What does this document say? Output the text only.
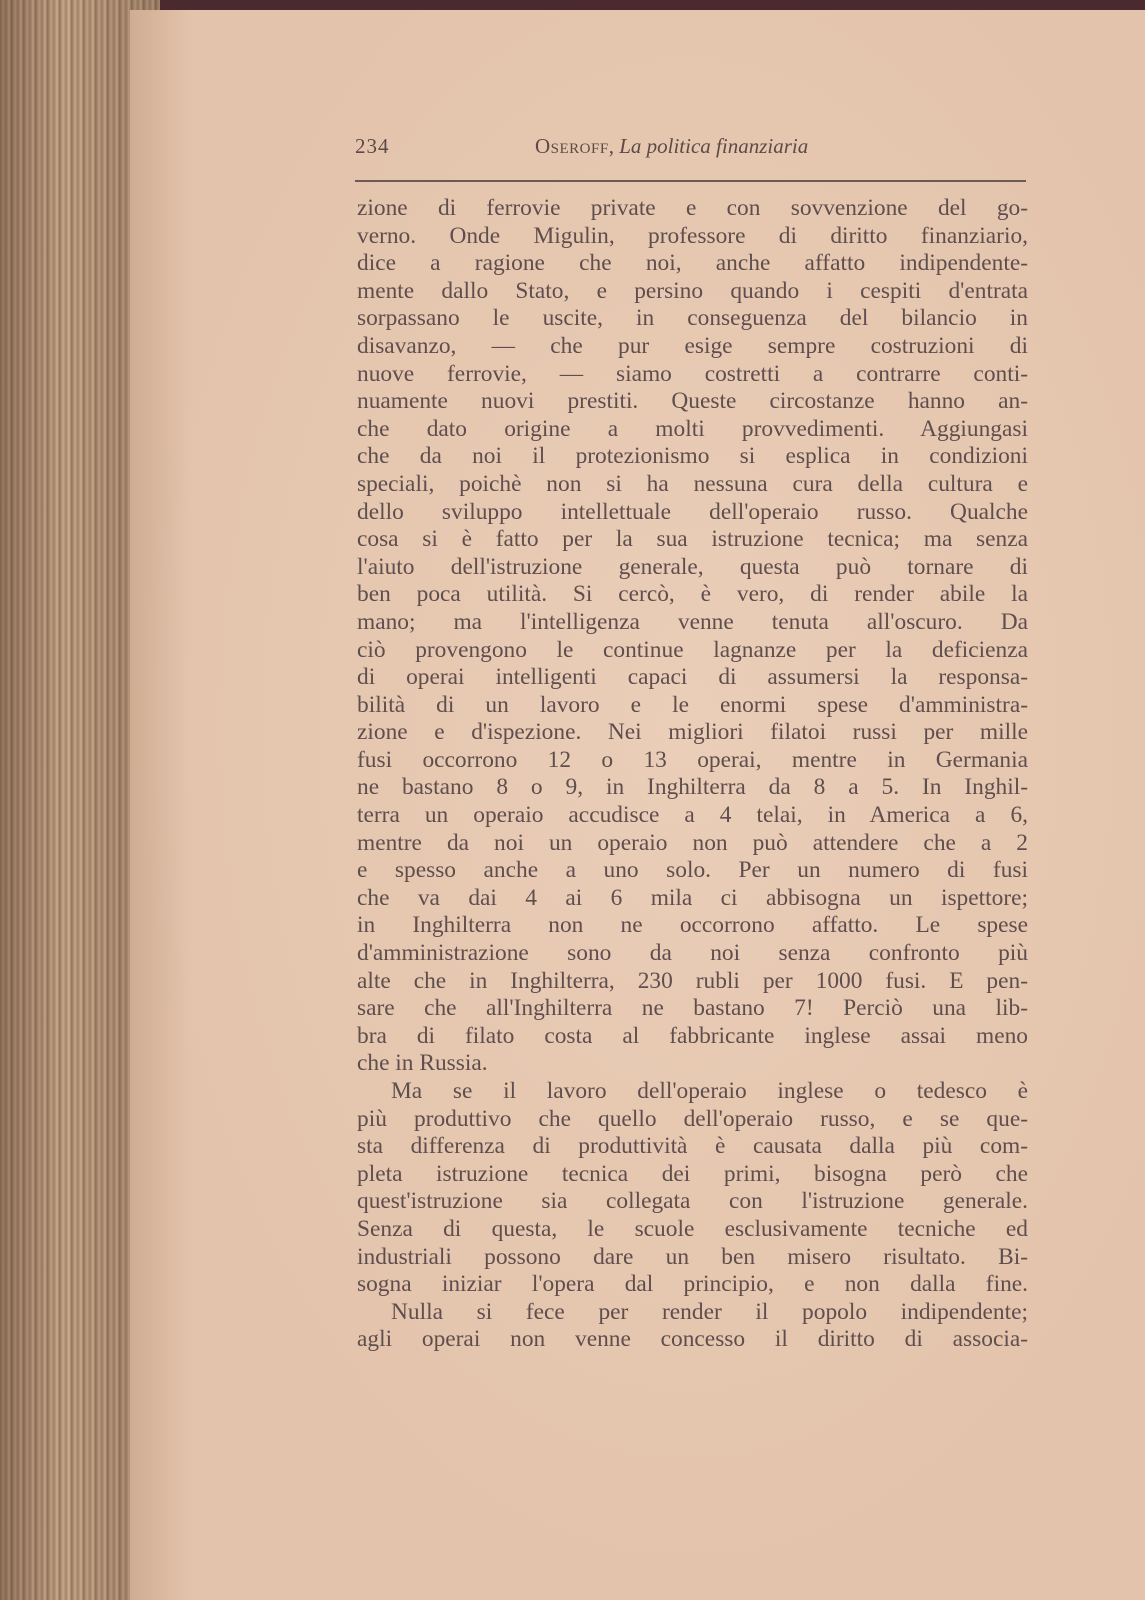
234	Oseroff, La politica finanziaria
zione di ferrovie private e con sovvenzione del go-
verno. Onde Migulin, professore di diritto finanziario,
dice a ragione che noi, anche affatto indipendente-
mente dallo Stato, e persino quando i cespiti d'entrata
sorpassano le uscite, in conseguenza del bilancio in
disavanzo, — che pur esige sempre costruzioni di
nuove ferrovie, — siamo costretti a contrarre conti-
nuamente nuovi prestiti. Queste circostanze hanno an-
che dato origine a molti provvedimenti. Aggiungasi
che da noi il protezionismo si esplica in condizioni
speciali, poichè non si ha nessuna cura della cultura e
dello sviluppo intellettuale dell'operaio russo. Qualche
cosa si è fatto per la sua istruzione tecnica; ma senza
l'aiuto dell'istruzione generale, questa può tornare di
ben poca utilità. Si cercò, è vero, di render abile la
mano; ma l'intelligenza venne tenuta all'oscuro. Da
ciò provengono le continue lagnanze per la deficienza
di operai intelligenti capaci di assumersi la responsa-
bilità di un lavoro e le enormi spese d'amministra-
zione e d'ispezione. Nei migliori filatoi russi per mille
fusi occorrono 12 o 13 operai, mentre in Germania
ne bastano 8 o 9, in Inghilterra da 8 a 5. In Inghil-
terra un operaio accudisce a 4 telai, in America a 6,
mentre da noi un operaio non può attendere che a 2
e spesso anche a uno solo. Per un numero di fusi
che va dai 4 ai 6 mila ci abbisogna un ispettore;
in Inghilterra non ne occorrono affatto. Le spese
d'amministrazione sono da noi senza confronto più
alte che in Inghilterra, 230 rubli per 1000 fusi. E pen-
sare che all'Inghilterra ne bastano 7! Perciò una lib-
bra di filato costa al fabbricante inglese assai meno
che in Russia.
Ma se il lavoro dell'operaio inglese o tedesco è
più produttivo che quello dell'operaio russo, e se que-
sta differenza di produttività è causata dalla più com-
pleta istruzione tecnica dei primi, bisogna però che
quest'istruzione sia collegata con l'istruzione generale.
Senza di questa, le scuole esclusivamente tecniche ed
industriali possono dare un ben misero risultato. Bi-
sogna iniziar l'opera dal principio, e non dalla fine.
Nulla si fece per render il popolo indipendente;
agli operai non venne concesso il diritto di associa-
